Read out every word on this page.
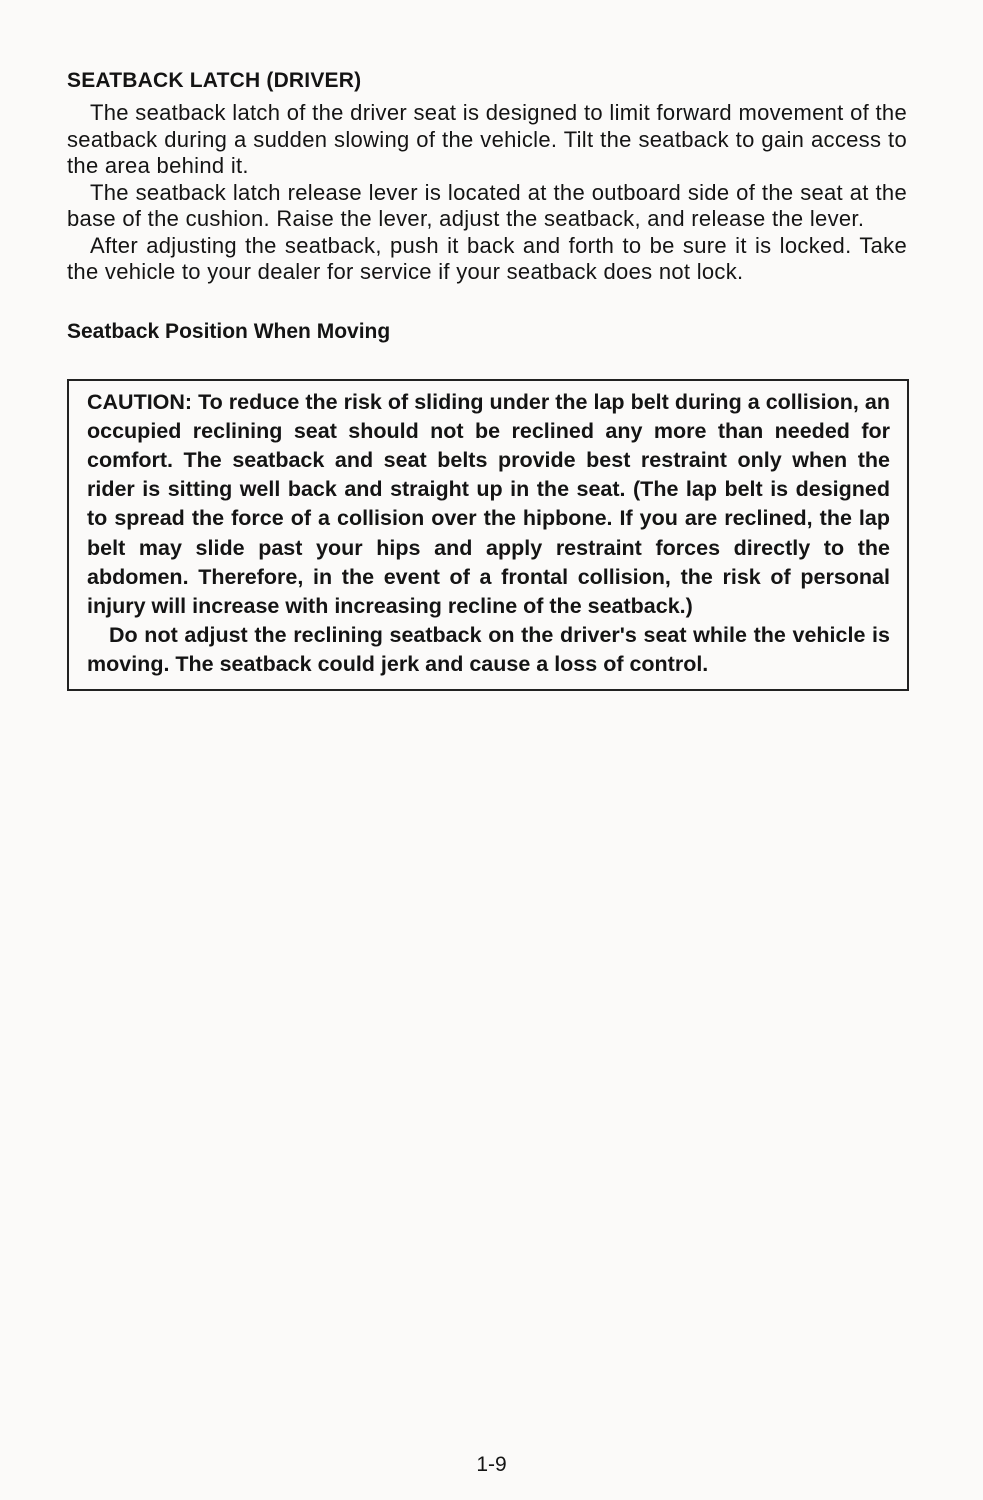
SEATBACK LATCH (DRIVER)

The seatback latch of the driver seat is designed to limit forward movement of the seatback during a sudden slowing of the vehicle. Tilt the seatback to gain access to the area behind it.

The seatback latch release lever is located at the outboard side of the seat at the base of the cushion. Raise the lever, adjust the seatback, and release the lever.

After adjusting the seatback, push it back and forth to be sure it is locked. Take the vehicle to your dealer for service if your seatback does not lock.

Seatback Position When Moving

CAUTION: To reduce the risk of sliding under the lap belt during a collision, an occupied reclining seat should not be reclined any more than needed for comfort. The seatback and seat belts provide best restraint only when the rider is sitting well back and straight up in the seat. (The lap belt is designed to spread the force of a collision over the hipbone. If you are reclined, the lap belt may slide past your hips and apply restraint forces directly to the abdomen. Therefore, in the event of a frontal collision, the risk of personal injury will increase with increasing recline of the seatback.)

Do not adjust the reclining seatback on the driver's seat while the vehicle is moving. The seatback could jerk and cause a loss of control.

1-9
